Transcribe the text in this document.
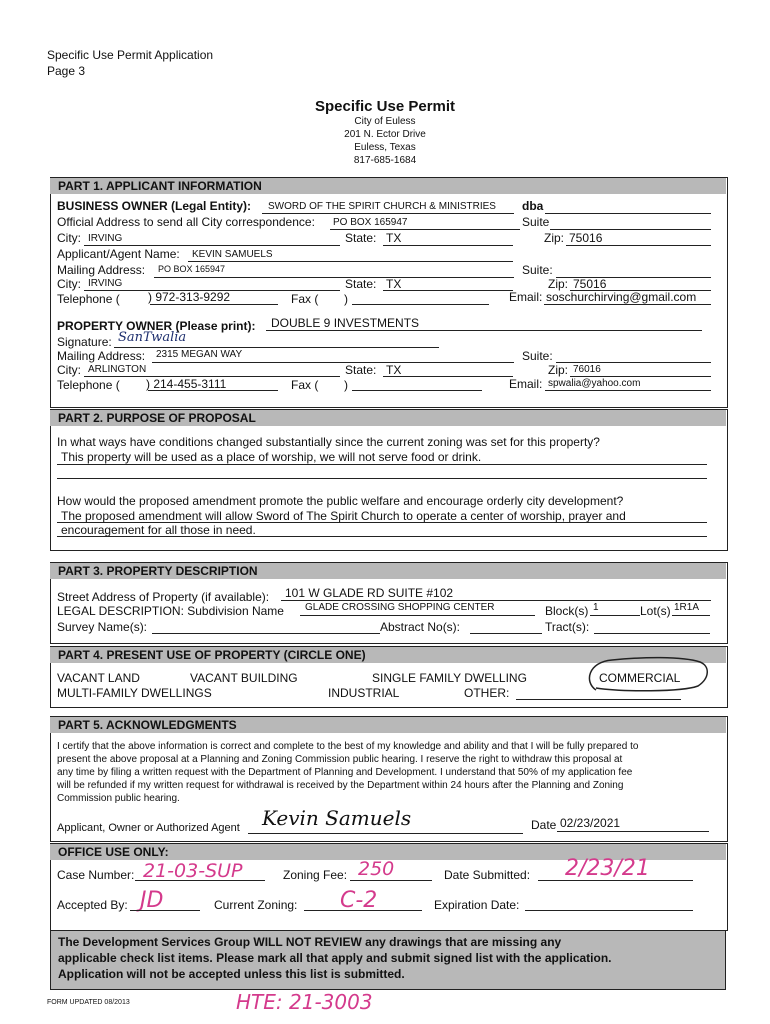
Specific Use Permit Application
Page 3
Specific Use Permit
City of Euless
201 N. Ector Drive
Euless, Texas
817-685-1684
PART 1. APPLICANT INFORMATION
BUSINESS OWNER (Legal Entity): SWORD OF THE SPIRIT CHURCH & MINISTRIES dba
Official Address to send all City correspondence: PO BOX 165947	Suite
City: IRVING	State: TX	Zip: 75016
Applicant/Agent Name: KEVIN SAMUELS
Mailing Address: PO BOX 165947	Suite:
City: IRVING	State: TX	Zip: 75016
Telephone ( ) 972-313-9292	Fax ( )	Email: soschurchirving@gmail.com
PROPERTY OWNER (Please print): DOUBLE 9 INVESTMENTS
Signature: SanTwalia
Mailing Address: 2315 MEGAN WAY	Suite:
City: ARLINGTON	State: TX	Zip: 76016
Telephone ( ) 214-455-3111	Fax ( )	Email: spwalia@yahoo.com
PART 2. PURPOSE OF PROPOSAL
In what ways have conditions changed substantially since the current zoning was set for this property?
This property will be used as a place of worship, we will not serve food or drink.
How would the proposed amendment promote the public welfare and encourage orderly city development?
The proposed amendment will allow Sword of The Spirit Church to operate a center of worship, prayer and
encouragement for all those in need.
PART 3. PROPERTY DESCRIPTION
Street Address of Property (if available): 101 W GLADE RD SUITE #102
LEGAL DESCRIPTION: Subdivision Name GLADE CROSSING SHOPPING CENTER	Block(s) 1	Lot(s) 1R1A
Survey Name(s):	Abstract No(s):	Tract(s):
PART 4. PRESENT USE OF PROPERTY (CIRCLE ONE)
VACANT LAND	VACANT BUILDING	SINGLE FAMILY DWELLING	COMMERCIAL
MULTI-FAMILY DWELLINGS	INDUSTRIAL	OTHER:
PART 5. ACKNOWLEDGMENTS
I certify that the above information is correct and complete to the best of my knowledge and ability and that I will be fully prepared to
present the above proposal at a Planning and Zoning Commission public hearing. I reserve the right to withdraw this proposal at
any time by filing a written request with the Department of Planning and Development. I understand that 50% of my application fee
will be refunded if my written request for withdrawal is received by the Department within 24 hours after the Planning and Zoning
Commission public hearing.
Applicant, Owner or Authorized Agent Kevin Samuels	Date 02/23/2021
OFFICE USE ONLY:
Case Number: 21-03-SUP	Zoning Fee: 250	Date Submitted: 2/23/21
Accepted By: JD	Current Zoning: C-2	Expiration Date:
The Development Services Group WILL NOT REVIEW any drawings that are missing any
applicable check list items. Please mark all that apply and submit signed list with the application.
Application will not be accepted unless this list is submitted.
FORM UPDATED 08/2013	HTE: 21-3003
